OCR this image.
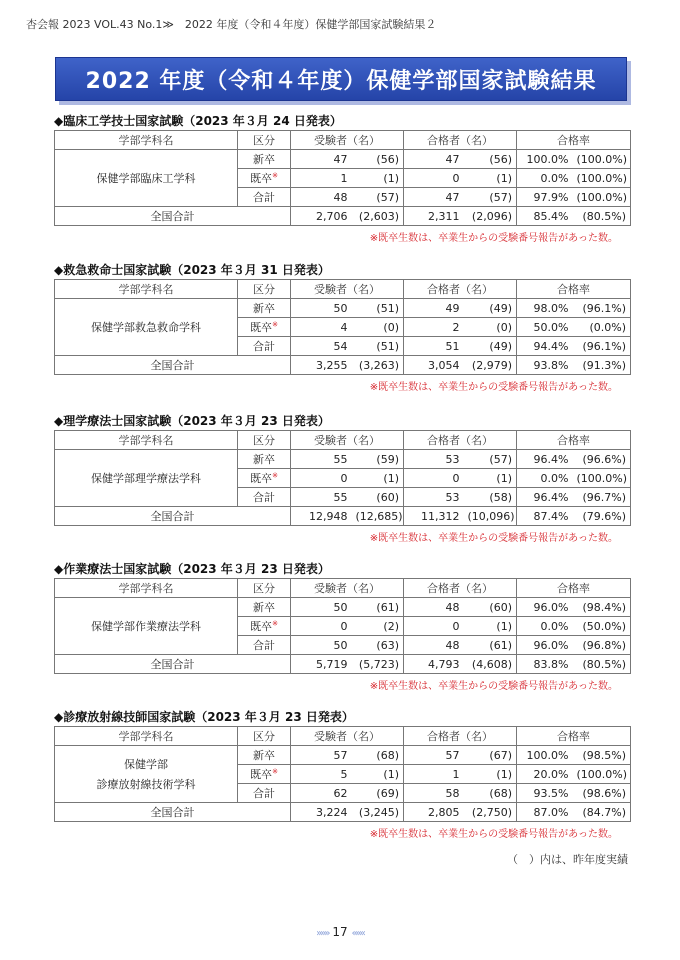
杏会報 2023 VOL.43 No.1≫　2022 年度（令和４年度）保健学部国家試験結果２
2022 年度（令和４年度）保健学部国家試験結果
◆臨床工学技士国家試験（2023 年３月 24 日発表）
学部学科名	区分	受験者（名）		合格者（名）		合格率	

保健学部臨床工学科	新卒	47	(56)	47	(56)	100.0%	(100.0%)
	既卒※	1	(1)	0	(1)	0.0%	(100.0%)
	合計	48	(57)	47	(57)	97.9%	(100.0%)
全国合計		2,706	(2,603)	2,311	(2,096)	85.4%	(80.5%)
※既卒生数は、卒業生からの受験番号報告があった数。
◆救急救命士国家試験（2023 年３月 31 日発表）
学部学科名	区分	受験者（名）		合格者（名）		合格率	

保健学部救急救命学科	新卒	50	(51)	49	(49)	98.0%	(96.1%)
	既卒※	4	(0)	2	(0)	50.0%	(0.0%)
	合計	54	(51)	51	(49)	94.4%	(96.1%)
全国合計		3,255	(3,263)	3,054	(2,979)	93.8%	(91.3%)
※既卒生数は、卒業生からの受験番号報告があった数。
◆理学療法士国家試験（2023 年３月 23 日発表）
学部学科名	区分	受験者（名）		合格者（名）		合格率	

保健学部理学療法学科	新卒	55	(59)	53	(57)	96.4%	(96.6%)
	既卒※	0	(1)	0	(1)	0.0%	(100.0%)
	合計	55	(60)	53	(58)	96.4%	(96.7%)
全国合計		12,948	(12,685)	11,312	(10,096)	87.4%	(79.6%)
※既卒生数は、卒業生からの受験番号報告があった数。
◆作業療法士国家試験（2023 年３月 23 日発表）
学部学科名	区分	受験者（名）		合格者（名）		合格率	

保健学部作業療法学科	新卒	50	(61)	48	(60)	96.0%	(98.4%)
	既卒※	0	(2)	0	(1)	0.0%	(50.0%)
	合計	50	(63)	48	(61)	96.0%	(96.8%)
全国合計		5,719	(5,723)	4,793	(4,608)	83.8%	(80.5%)
※既卒生数は、卒業生からの受験番号報告があった数。
◆診療放射線技師国家試験（2023 年３月 23 日発表）
学部学科名	区分	受験者（名）		合格者（名）		合格率	

保健学部
診療放射線技術学科	新卒	57	(68)	57	(67)	100.0%	(98.5%)
	既卒※	5	(1)	1	(1)	20.0%	(100.0%)
	合計	62	(69)	58	(68)	93.5%	(98.6%)
全国合計		3,224	(3,245)	2,805	(2,750)	87.0%	(84.7%)
※既卒生数は、卒業生からの受験番号報告があった数。
（　）内は、昨年度実績
»»» 17 «««
